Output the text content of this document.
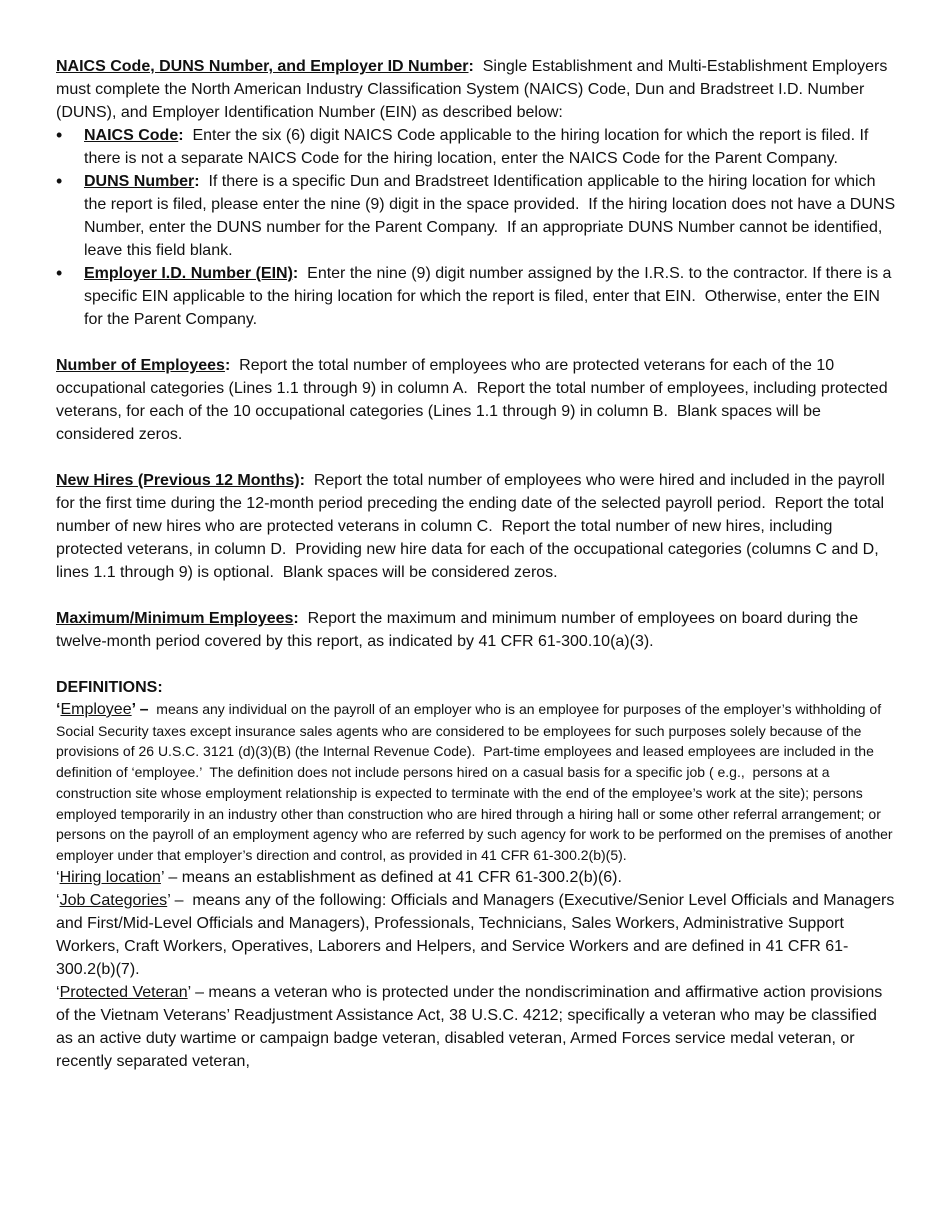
NAICS Code, DUNS Number, and Employer ID Number:  Single Establishment and Multi-Establishment Employers must complete the North American Industry Classification System (NAICS) Code, Dun and Bradstreet I.D. Number (DUNS), and Employer Identification Number (EIN) as described below:

• NAICS Code:  Enter the six (6) digit NAICS Code applicable to the hiring location for which the report is filed. If there is not a separate NAICS Code for the hiring location, enter the NAICS Code for the Parent Company.
• DUNS Number:  If there is a specific Dun and Bradstreet Identification applicable to the hiring location for which the report is filed, please enter the nine (9) digit in the space provided.  If the hiring location does not have a DUNS Number, enter the DUNS number for the Parent Company.  If an appropriate DUNS Number cannot be identified, leave this field blank.
• Employer I.D. Number (EIN):  Enter the nine (9) digit number assigned by the I.R.S. to the contractor. If there is a specific EIN applicable to the hiring location for which the report is filed, enter that EIN.  Otherwise, enter the EIN for the Parent Company.

Number of Employees:  Report the total number of employees who are protected veterans for each of the 10 occupational categories (Lines 1.1 through 9) in column A.  Report the total number of employees, including protected veterans, for each of the 10 occupational categories (Lines 1.1 through 9) in column B.  Blank spaces will be considered zeros.

New Hires (Previous 12 Months):  Report the total number of employees who were hired and included in the payroll for the first time during the 12-month period preceding the ending date of the selected payroll period.  Report the total number of new hires who are protected veterans in column C.  Report the total number of new hires, including protected veterans, in column D.  Providing new hire data for each of the occupational categories (columns C and D, lines 1.1 through 9) is optional.  Blank spaces will be considered zeros.

Maximum/Minimum Employees:  Report the maximum and minimum number of employees on board during the twelve-month period covered by this report, as indicated by 41 CFR 61-300.10(a)(3).

DEFINITIONS:

‘Employee’ –  means any individual on the payroll of an employer who is an employee for purposes of the employer’s withholding of Social Security taxes except insurance sales agents who are considered to be employees for such purposes solely because of the provisions of 26 U.S.C. 3121 (d)(3)(B) (the Internal Revenue Code).  Part-time employees and leased employees are included in the definition of ‘employee.’  The definition does not include persons hired on a casual basis for a specific job ( e.g.,  persons at a construction site whose employment relationship is expected to terminate with the end of the employee’s work at the site); persons employed temporarily in an industry other than construction who are hired through a hiring hall or some other referral arrangement; or persons on the payroll of an employment agency who are referred by such agency for work to be performed on the premises of another employer under that employer’s direction and control, as provided in 41 CFR 61-300.2(b)(5).

‘Hiring location’ – means an establishment as defined at 41 CFR 61-300.2(b)(6).

‘Job Categories’ –  means any of the following: Officials and Managers (Executive/Senior Level Officials and Managers and First/Mid-Level Officials and Managers), Professionals, Technicians, Sales Workers, Administrative Support Workers, Craft Workers, Operatives, Laborers and Helpers, and Service Workers and are defined in 41 CFR 61-300.2(b)(7).

‘Protected Veteran’ – means a veteran who is protected under the nondiscrimination and affirmative action provisions of the Vietnam Veterans’ Readjustment Assistance Act, 38 U.S.C. 4212; specifically a veteran who may be classified as an active duty wartime or campaign badge veteran, disabled veteran, Armed Forces service medal veteran, or recently separated veteran,
